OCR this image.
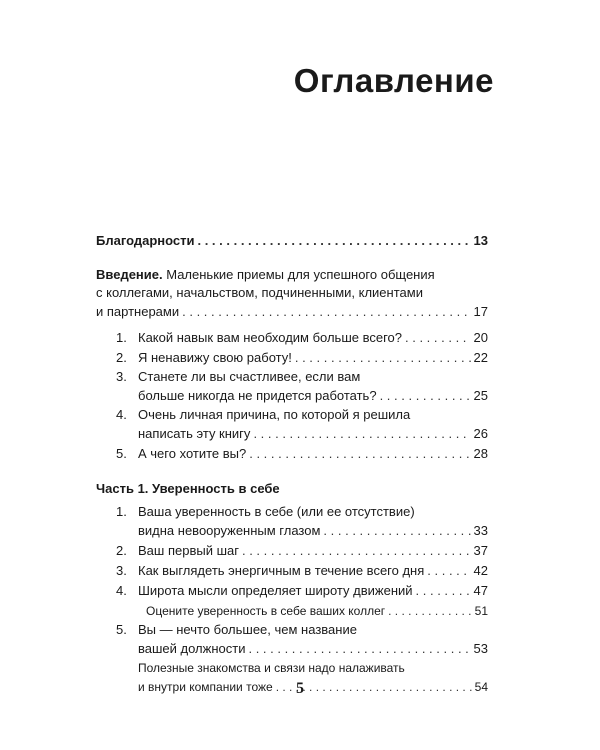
Оглавление
Благодарности . . .	13
Введение. Маленькие приемы для успешного общения
с коллегами, начальством, подчиненными, клиентами
и партнерами . . .	17
1. Какой навык вам необходим больше всего? . . .	20
2. Я ненавижу свою работу! . . .	22
3. Станете ли вы счастливее, если вам
больше никогда не придется работать? . . .	25
4. Очень личная причина, по которой я решила
написать эту книгу . . .	26
5. А чего хотите вы? . . .	28
Часть 1. Уверенность в себе
1. Ваша уверенность в себе (или ее отсутствие)
видна невооруженным глазом . . .	33
2. Ваш первый шаг . . .	37
3. Как выглядеть энергичным в течение всего дня . . .	42
4. Широта мысли определяет широту движений . . .	47
Оцените уверенность в себе ваших коллег . . .	51
5. Вы — нечто большее, чем название
вашей должности . . .	53
Полезные знакомства и связи надо налаживать
и внутри компании тоже . . .	54
5
